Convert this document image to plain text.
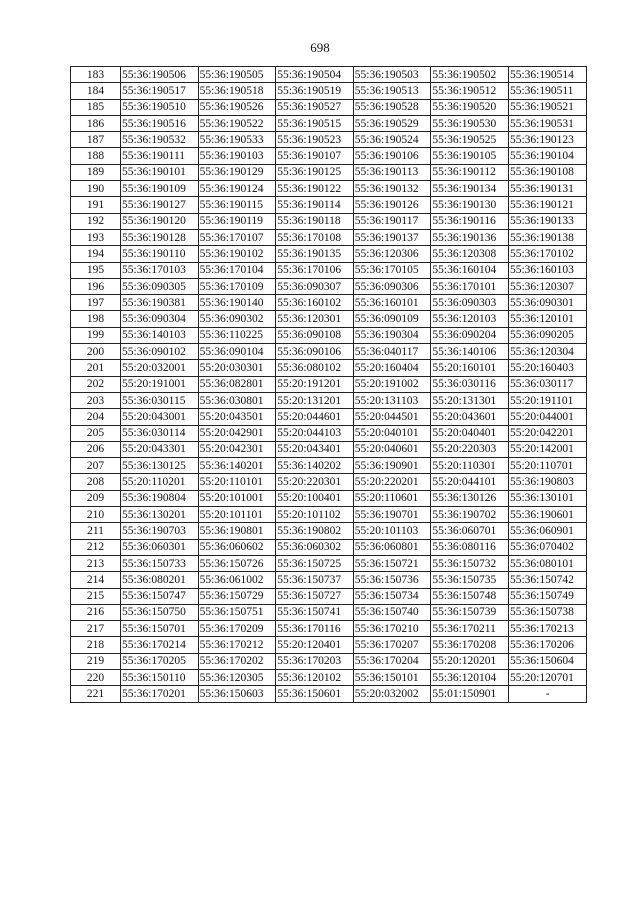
698
183	55:36:190506	55:36:190505	55:36:190504	55:36:190503	55:36:190502	55:36:190514
184	55:36:190517	55:36:190518	55:36:190519	55:36:190513	55:36:190512	55:36:190511
185	55:36:190510	55:36:190526	55:36:190527	55:36:190528	55:36:190520	55:36:190521
186	55:36:190516	55:36:190522	55:36:190515	55:36:190529	55:36:190530	55:36:190531
187	55:36:190532	55:36:190533	55:36:190523	55:36:190524	55:36:190525	55:36:190123
188	55:36:190111	55:36:190103	55:36:190107	55:36:190106	55:36:190105	55:36:190104
189	55:36:190101	55:36:190129	55:36:190125	55:36:190113	55:36:190112	55:36:190108
190	55:36:190109	55:36:190124	55:36:190122	55:36:190132	55:36:190134	55:36:190131
191	55:36:190127	55:36:190115	55:36:190114	55:36:190126	55:36:190130	55:36:190121
192	55:36:190120	55:36:190119	55:36:190118	55:36:190117	55:36:190116	55:36:190133
193	55:36:190128	55:36:170107	55:36:170108	55:36:190137	55:36:190136	55:36:190138
194	55:36:190110	55:36:190102	55:36:190135	55:36:120306	55:36:120308	55:36:170102
195	55:36:170103	55:36:170104	55:36:170106	55:36:170105	55:36:160104	55:36:160103
196	55:36:090305	55:36:170109	55:36:090307	55:36:090306	55:36:170101	55:36:120307
197	55:36:190381	55:36:190140	55:36:160102	55:36:160101	55:36:090303	55:36:090301
198	55:36:090304	55:36:090302	55:36:120301	55:36:090109	55:36:120103	55:36:120101
199	55:36:140103	55:36:110225	55:36:090108	55:36:190304	55:36:090204	55:36:090205
200	55:36:090102	55:36:090104	55:36:090106	55:36:040117	55:36:140106	55:36:120304
201	55:20:032001	55:20:030301	55:36:080102	55:20:160404	55:20:160101	55:20:160403
202	55:20:191001	55:36:082801	55:20:191201	55:20:191002	55:36:030116	55:36:030117
203	55:36:030115	55:36:030801	55:20:131201	55:20:131103	55:20:131301	55:20:191101
204	55:20:043001	55:20:043501	55:20:044601	55:20:044501	55:20:043601	55:20:044001
205	55:36:030114	55:20:042901	55:20:044103	55:20:040101	55:20:040401	55:20:042201
206	55:20:043301	55:20:042301	55:20:043401	55:20:040601	55:20:220303	55:20:142001
207	55:36:130125	55:36:140201	55:36:140202	55:36:190901	55:20:110301	55:20:110701
208	55:20:110201	55:20:110101	55:20:220301	55:20:220201	55:20:044101	55:36:190803
209	55:36:190804	55:20:101001	55:20:100401	55:20:110601	55:36:130126	55:36:130101
210	55:36:130201	55:20:101101	55:20:101102	55:36:190701	55:36:190702	55:36:190601
211	55:36:190703	55:36:190801	55:36:190802	55:20:101103	55:36:060701	55:36:060901
212	55:36:060301	55:36:060602	55:36:060302	55:36:060801	55:36:080116	55:36:070402
213	55:36:150733	55:36:150726	55:36:150725	55:36:150721	55:36:150732	55:36:080101
214	55:36:080201	55:36:061002	55:36:150737	55:36:150736	55:36:150735	55:36:150742
215	55:36:150747	55:36:150729	55:36:150727	55:36:150734	55:36:150748	55:36:150749
216	55:36:150750	55:36:150751	55:36:150741	55:36:150740	55:36:150739	55:36:150738
217	55:36:150701	55:36:170209	55:36:170116	55:36:170210	55:36:170211	55:36:170213
218	55:36:170214	55:36:170212	55:20:120401	55:36:170207	55:36:170208	55:36:170206
219	55:36:170205	55:36:170202	55:36:170203	55:36:170204	55:20:120201	55:36:150604
220	55:36:150110	55:36:120305	55:36:120102	55:36:150101	55:36:120104	55:20:120701
221	55:36:170201	55:36:150603	55:36:150601	55:20:032002	55:01:150901	-
